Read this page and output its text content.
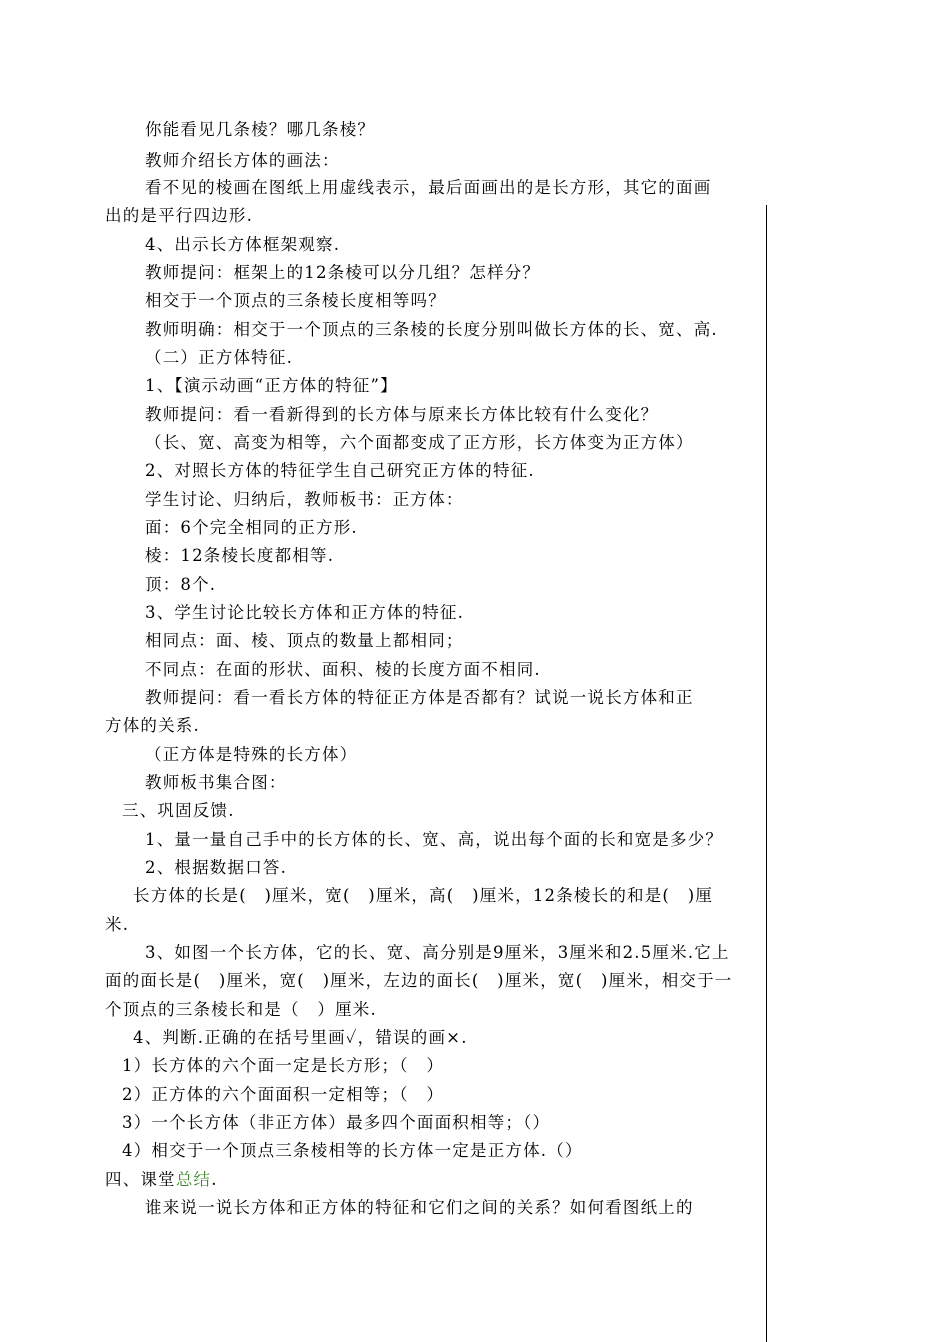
你能看见几条棱？哪几条棱？
教师介绍长方体的画法：
看不见的棱画在图纸上用虚线表示，最后面画出的是长方形，其它的面画
出的是平行四边形.
4、出示长方体框架观察.
教师提问：框架上的12条棱可以分几组？怎样分？
相交于一个顶点的三条棱长度相等吗？
教师明确：相交于一个顶点的三条棱的长度分别叫做长方体的长、宽、高.
（二）正方体特征.
1、【演示动画“正方体的特征”】
教师提问：看一看新得到的长方体与原来长方体比较有什么变化？
（长、宽、高变为相等，六个面都变成了正方形，长方体变为正方体）
2、对照长方体的特征学生自己研究正方体的特征.
学生讨论、归纳后，教师板书：正方体：
面：6个完全相同的正方形.
棱：12条棱长度都相等.
顶：8个.
3、学生讨论比较长方体和正方体的特征.
相同点：面、棱、顶点的数量上都相同；
不同点：在面的形状、面积、棱的长度方面不相同.
教师提问：看一看长方体的特征正方体是否都有？试说一说长方体和正
方体的关系.
（正方体是特殊的长方体）
教师板书集合图：
三、巩固反馈.
1、量一量自己手中的长方体的长、宽、高，说出每个面的长和宽是多少？
2、根据数据口答.
长方体的长是(　)厘米，宽(　)厘米，高(　)厘米，12条棱长的和是(　)厘
米.
3、如图一个长方体，它的长、宽、高分别是9厘米，3厘米和2.5厘米.它上
面的面长是(　)厘米，宽(　)厘米，左边的面长(　)厘米，宽(　)厘米，相交于一
个顶点的三条棱长和是（　）厘米.
4、判断.正确的在括号里画✓，错误的画×.
1）长方体的六个面一定是长方形；（　）
2）正方体的六个面面积一定相等；（　）
3）一个长方体（非正方体）最多四个面面积相等；（）
4）相交于一个顶点三条棱相等的长方体一定是正方体.（）
四、课堂总结.
谁来说一说长方体和正方体的特征和它们之间的关系？如何看图纸上的
